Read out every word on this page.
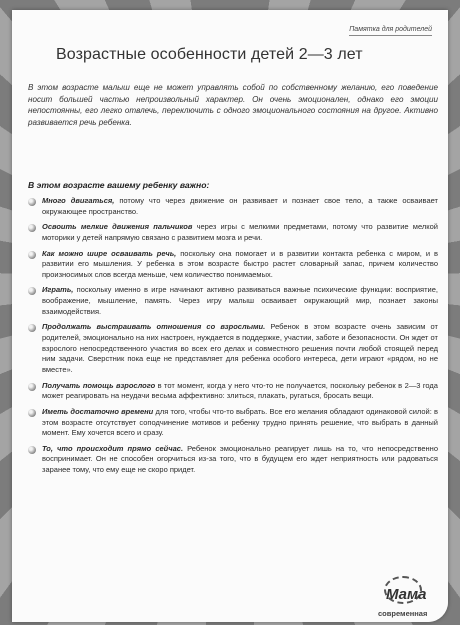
Памятка для родителей
Возрастные особенности детей 2—3 лет

В этом возрасте малыш еще не может управлять собой по собственному желанию, его поведение носит большей частью непроизвольный характер. Он очень эмоционален, однако его эмоции непостоянны, его легко отвлечь, переключить с одного эмоционального состояния на другое. Активно развивается речь ребенка.

В этом возрасте вашему ребенку важно:
Много двигаться, потому что через движение он развивает и познает свое тело, а также осваивает окружающее пространство.
Освоить мелкие движения пальчиков через игры с мелкими предметами, потому что развитие мелкой моторики у детей напрямую связано с развитием мозга и речи.
Как можно шире осваивать речь, поскольку она помогает и в развитии контакта ребенка с миром, и в развитии его мышления. У ребенка в этом возрасте быстро растет словарный запас, причем количество произносимых слов всегда меньше, чем количество понимаемых.
Играть, поскольку именно в игре начинают активно развиваться важные психические функции: восприятие, воображение, мышление, память. Через игру малыш осваивает окружающий мир, познает законы взаимодействия.
Продолжать выстраивать отношения со взрослыми. Ребенок в этом возрасте очень зависим от родителей, эмоционально на них настроен, нуждается в поддержке, участии, заботе и безопасности. Он ждет от взрослого непосредственного участия во всех его делах и совместного решения почти любой стоящей перед ним задачи. Сверстник пока еще не представляет для ребенка особого интереса, дети играют «рядом, но не вместе».
Получать помощь взрослого в тот момент, когда у него что-то не получается, поскольку ребенок в 2—3 года может реагировать на неудачи весьма аффективно: злиться, плакать, ругаться, бросать вещи.
Иметь достаточно времени для того, чтобы что-то выбрать. Все его желания обладают одинаковой силой: в этом возрасте отсутствует соподчинение мотивов и ребенку трудно принять решение, что выбрать в данный момент. Ему хочется всего и сразу.
То, что происходит прямо сейчас. Ребенок эмоционально реагирует лишь на то, что непосредственно воспринимает. Он не способен огорчиться из-за того, что в будущем его ждет неприятность или радоваться заранее тому, что ему еще не скоро придет.
Мама
современная
